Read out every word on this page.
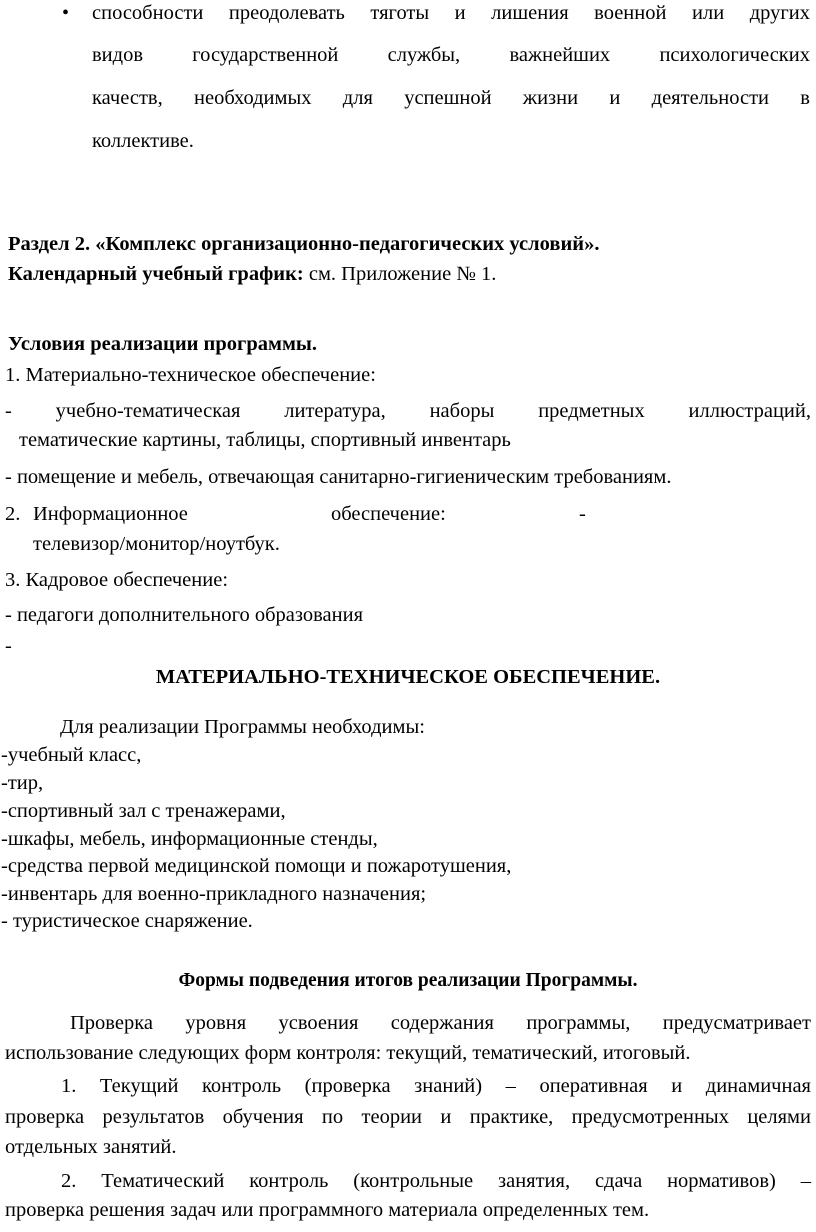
• способности преодолевать тяготы и лишения военной или других
видов государственной службы, важнейших психологических
качеств, необходимых для успешной жизни и деятельности в
коллективе.
Раздел 2. «Комплекс организационно-педагогических условий».
Календарный учебный график: см. Приложение № 1.
Условия реализации программы.
1. Материально-техническое обеспечение:
- учебно-тематическая литература, наборы предметных иллюстраций,
тематические картины, таблицы, спортивный инвентарь
- помещение и мебель, отвечающая санитарно-гигиеническим требованиям.
2. Информационное	обеспечение:	-
телевизор/монитор/ноутбук.
3. Кадровое обеспечение:
- педагоги дополнительного образования
-
МАТЕРИАЛЬНО-ТЕХНИЧЕСКОЕ ОБЕСПЕЧЕНИЕ.
Для реализации Программы необходимы:
-учебный класс,
-тир,
-спортивный зал с тренажерами,
-шкафы, мебель, информационные стенды,
-средства первой медицинской помощи и пожаротушения,
-инвентарь для военно-прикладного назначения;
- туристическое снаряжение.
Формы подведения итогов реализации Программы.
Проверка уровня усвоения содержания программы, предусматривает
использование следующих форм контроля: текущий, тематический, итоговый.
1. Текущий контроль (проверка знаний) – оперативная и динамичная
проверка результатов обучения по теории и практике, предусмотренных целями
отдельных занятий.
2. Тематический контроль (контрольные занятия, сдача нормативов) –
проверка решения задач или программного материала определенных тем.
